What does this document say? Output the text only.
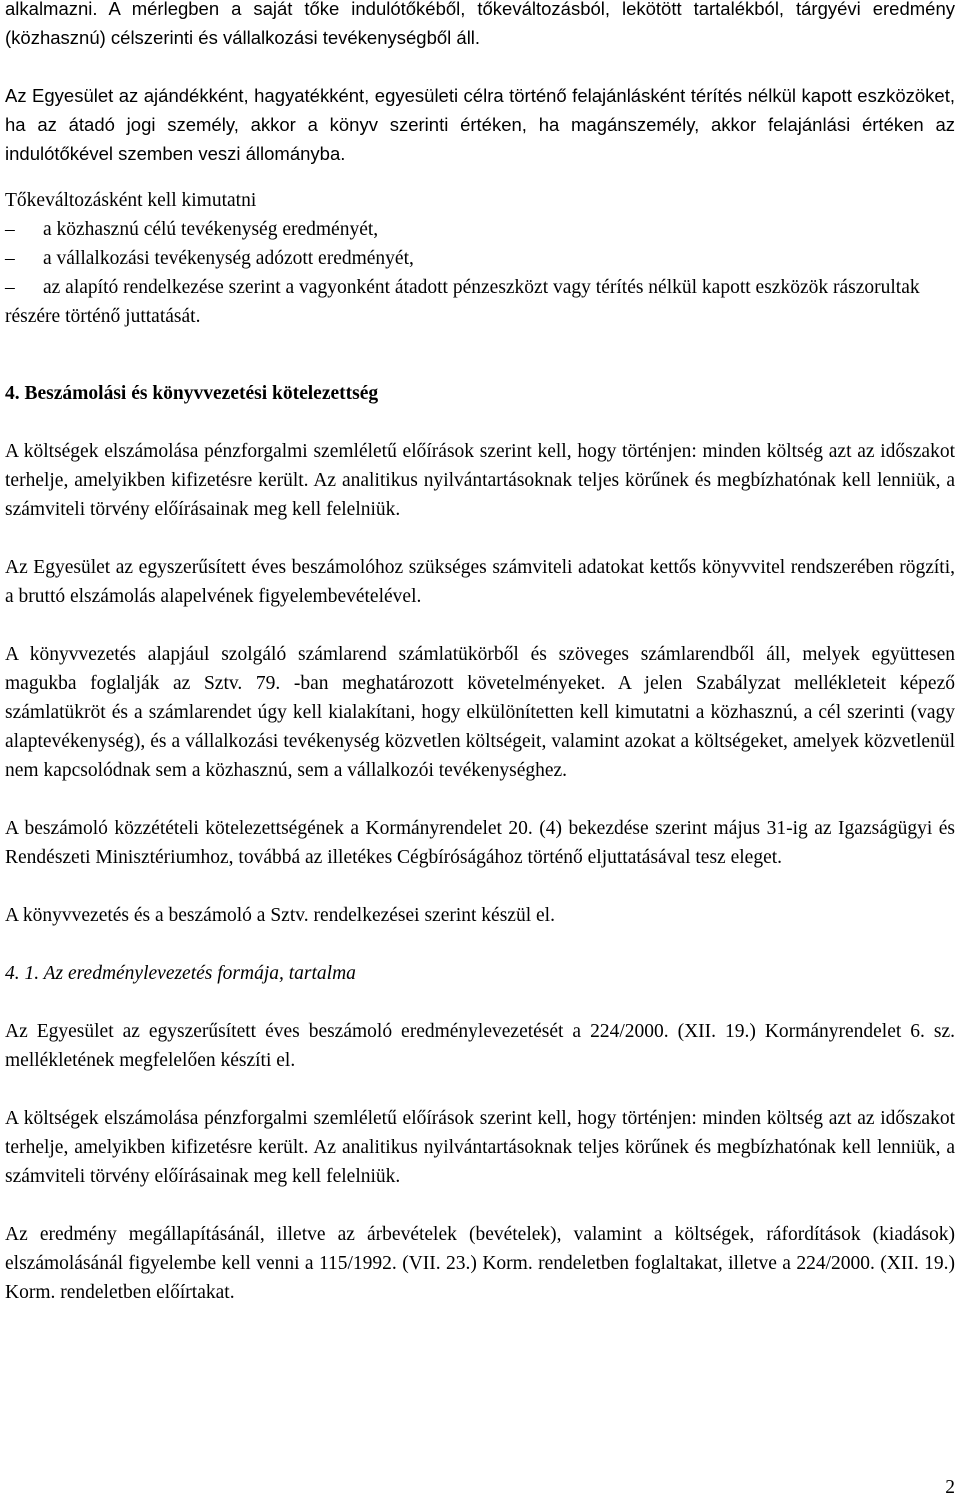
alkalmazni. A mérlegben a saját tőke indulótőkéből, tőkeváltozásból, lekötött tartalékból, tárgyévi eredmény (közhasznú) célszerinti és vállalkozási tevékenységből áll.

Az Egyesület az ajándékként, hagyatékként, egyesületi célra történő felajánlásként térítés nélkül kapott eszközöket, ha az átadó jogi személy, akkor a könyv szerinti értéken, ha magánszemély, akkor felajánlási értéken az indulótőkével szemben veszi állományba.

Tőkeváltozásként kell kimutatni

–	a közhasznú célú tevékenység eredményét,
–	a vállalkozási tevékenység adózott eredményét,
–	az alapító rendelkezése szerint a vagyonként átadott pénzeszközt vagy térítés nélkül kapott eszközök rászorultak részére történő juttatását.
4. Beszámolási és könyvvezetési kötelezettség

A költségek elszámolása pénzforgalmi szemléletű előírások szerint kell, hogy történjen: minden költség azt az időszakot terhelje, amelyikben kifizetésre került. Az analitikus nyilvántartásoknak teljes körűnek és megbízhatónak kell lenniük, a számviteli törvény előírásainak meg kell felelniük.

Az Egyesület az egyszerűsített éves beszámolóhoz szükséges számviteli adatokat kettős könyvvitel rendszerében rögzíti, a bruttó elszámolás alapelvének figyelembevételével.

A könyvvezetés alapjául szolgáló számlarend számlatükörből és szöveges számlarendből áll, melyek együttesen magukba foglalják az Sztv. 79. -ban meghatározott követelményeket. A jelen Szabályzat mellékleteit képező számlatükröt és a számlarendet úgy kell kialakítani, hogy elkülönítetten kell kimutatni a közhasznú, a cél szerinti (vagy alaptevékenység), és a vállalkozási tevékenység közvetlen költségeit, valamint azokat a költségeket, amelyek közvetlenül nem kapcsolódnak sem a közhasznú, sem a vállalkozói tevékenységhez.

A beszámoló közzétételi kötelezettségének a Kormányrendelet 20. (4) bekezdése szerint május 31-ig az Igazságügyi és Rendészeti Minisztériumhoz, továbbá az illetékes Cégbíróságához történő eljuttatásával tesz eleget.

A könyvvezetés és a beszámoló a Sztv. rendelkezései szerint készül el.

4. 1. Az eredménylevezetés formája, tartalma

Az Egyesület az egyszerűsített éves beszámoló eredménylevezetését a 224/2000. (XII. 19.) Kormányrendelet 6. sz. mellékletének megfelelően készíti el.

A költségek elszámolása pénzforgalmi szemléletű előírások szerint kell, hogy történjen: minden költség azt az időszakot terhelje, amelyikben kifizetésre került. Az analitikus nyilvántartásoknak teljes körűnek és megbízhatónak kell lenniük, a számviteli törvény előírásainak meg kell felelniük.

Az eredmény megállapításánál, illetve az árbevételek (bevételek), valamint a költségek, ráfordítások (kiadások) elszámolásánál figyelembe kell venni a 115/1992. (VII. 23.) Korm. rendeletben foglaltakat, illetve a 224/2000. (XII. 19.) Korm. rendeletben előírtakat.

2
